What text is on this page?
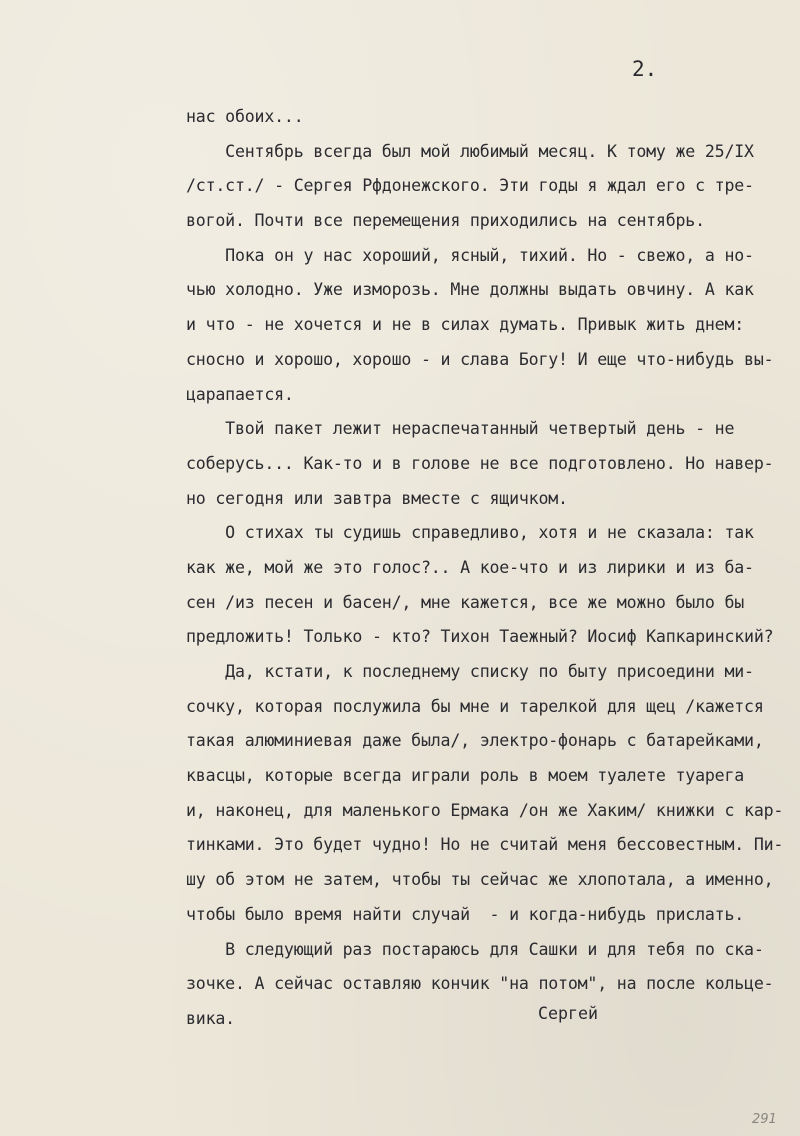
2.
нас обоих...
Сентябрь всегда был мой любимый месяц. К тому же 25/IX
/ст.ст./ - Сергея Рфдонежского. Эти годы я ждал его с тре-
вогой. Почти все перемещения приходились на сентябрь.
Пока он у нас хороший, ясный, тихий. Но - свежо, а но-
чью холодно. Уже изморозь. Мне должны выдать овчину. А как
и что - не хочется и не в силах думать. Привык жить днем:
сносно и хорошо, хорошо - и слава Богу! И еще что-нибудь вы-
царапается.
Твой пакет лежит нераспечатанный четвертый день - не
соберусь... Как-то и в голове не все подготовлено. Но навер-
но сегодня или завтра вместе с ящичком.
О стихах ты судишь справедливо, хотя и не сказала: так
как же, мой же это голос?.. А кое-что и из лирики и из ба-
сен /из песен и басен/, мне кажется, все же можно было бы
предложить! Только - кто? Тихон Таежный? Иосиф Капкаринский?
Да, кстати, к последнему списку по быту присоедини ми-
сочку, которая послужила бы мне и тарелкой для щец /кажется
такая алюминиевая даже была/, электро-фонарь с батарейками,
квасцы, которые всегда играли роль в моем туалете туарега
и, наконец, для маленького Ермака /он же Хаким/ книжки с кар-
тинками. Это будет чудно! Но не считай меня бессовестным. Пи-
шу об этом не затем, чтобы ты сейчас же хлопотала, а именно,
чтобы было время найти случай  - и когда-нибудь прислать.
В следующий раз постараюсь для Сашки и для тебя по ска-
зочке. А сейчас оставляю кончик "на потом", на после кольце-
вика.	Сергей
291
